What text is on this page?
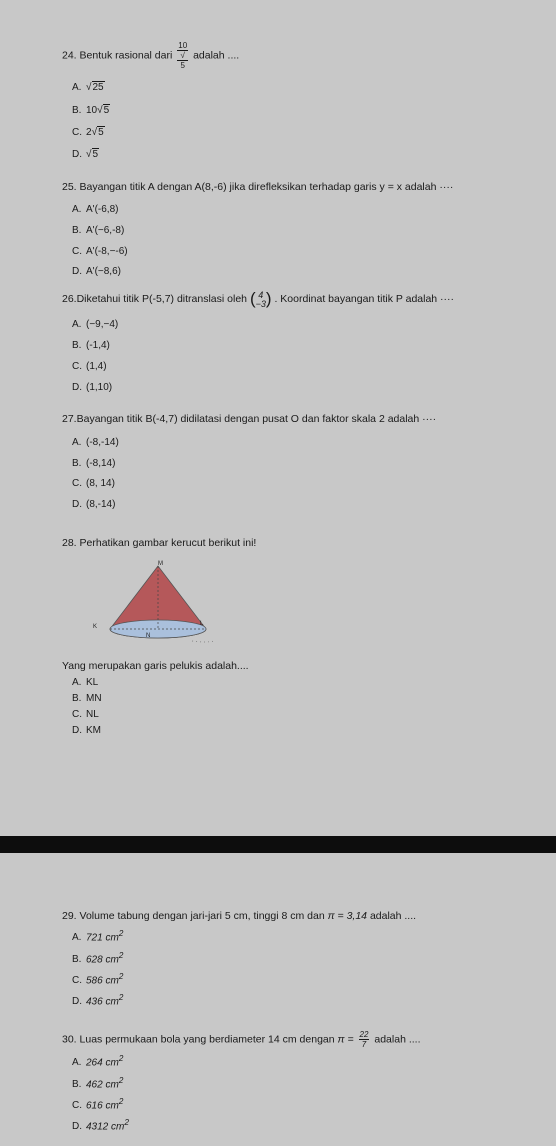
24. Bentuk rasional dari 10
√
5 adalah ....
A. √25
B. 10√5
C. 2√5
D. √5
25. Bayangan titik A dengan A(8,-6) jika direfleksikan terhadap garis y = x adalah ····
A. A'(-6,8)
B. A'(−6,-8)
C. A'(-8,−-6)
D. A'(−8,6)
26.Diketahui titik P(-5,7) ditranslasi oleh ( 4
−3) . Koordinat bayangan titik P adalah ····
A. (−9,−4)
B. (-1,4)
C. (1,4)
D. (1,10)
27.Bayangan titik B(-4,7) didilatasi dengan pusat O dan faktor skala 2 adalah ····
A. (-8,-14)
B. (-8,14)
C. (8, 14)
D. (8,-14)
28. Perhatikan gambar kerucut berikut ini!
M
K
N
L
Yang merupakan garis pelukis adalah....
A. KL
B. MN
C. NL
D. KM
29. Volume tabung dengan jari-jari 5 cm, tinggi 8 cm dan π = 3,14 adalah ....
A. 721 $cm^2$
B. 628 $cm^2$
C. 586 $cm^2$
D. 436 $cm^2$
30. Luas permukaan bola yang berdiameter 14 cm dengan $\pi = \frac{22}{7}$ adalah ....
A. 264 $cm^2$
B. 462 $cm^2$
C. 616 $cm^2$
D. 4312 $cm^2$
